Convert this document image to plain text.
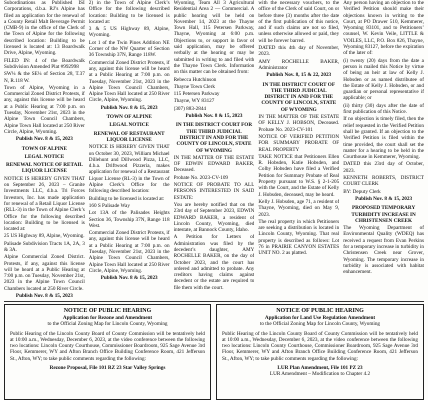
Subordinations as Published ISI Corporations, d.b.a. RJ’s Alpine has filed an application for the renewal of a County Retail Malt Beverage Permit (CMB-9) in the office of the Clerk of the Town of Alpine for the following described location: Building to be licensed is located at: 13 Boardwalk Drive, Alpine, Wyoming.

FILED IN: 4 of the Boardwalk Subdivision Amended Plat #992998

SW¼ & the SE¼ of Section 28, T.37 N, R.118 W.

Town of Alpine, Wyoming in a Commercial Zoned District Protests, if any, against this license will be heard at a Public Hearing at 7:00 p.m. on Tuesday, November 21st, 2023 in the Alpine Town Council Chambers, Alpine Town Hall located at 250 River Circle, Alpine, Wyoming.

Publish Nov. 8 & 15, 2023

TOWN OF ALPINE

LEGAL NOTICE

RENEWAL NOTICE OF RETAIL LIQUOR LICENSE

NOTICE IS HEREBY GIVEN THAT on September 26, 2023 – Granite Investments LLC, d.b.a. Tri Forces Investors, Inc. has made application for renewal of a Retail Liquor License (RLL-3) in the Town of Alpine Clerk’s Office for the following described location: Building to be licensed is located at:

25 US Highway 89, Alpine, Wyoming.

Palisade Subdivision Tracts 1A, 2A, 3 & 3A.

Alpine Commercial Zoned District. Protests, if any, against this license will be heard at a Public Hearing at 7:00 p.m. on Tuesday, November 21st, 2023 in the Alpine Town Council Chambers located at 250 River Circle.

Publish Nov. 8 & 15, 2023

2) in the Town of Alpine Clerk’s Office for the following described location: Building to be licensed is located at:

3 & 5 US Highway 89, Alpine, Wyoming.

Lot 1 of the Twin Pines Addition NE Corner of the NW Quarter of Section 36 Township 37N, Range 118W.

Commercial Zoned District Protests, if any, against this license will be heard at a Public Hearing at 7:00 p.m. on Tuesday, November 21st, 2023 in the Alpine Town Council Chambers, Alpine Town Hall located at 250 River Circle, Alpine, Wyoming.

Publish Nov. 8 & 15, 2023

TOWN OF ALPINE

LEGAL NOTICE

RENEWAL OF RESTAURANT LIQUOR LICENSE

NOTICE IS HEREBY GIVEN THAT on October 30, 2023, William Michael Dillehunt and Dillwood Pizza, LLC, d.b.a. Driftwood Pizzeria, makes application for renewal of a Restaurant Liquor License (RL-3) in the Town of Alpine Clerk’s Office for the following described location:

Building to be licensed is located at:

160 S Palisade Way

Lot 13A of the Palisades Heights Section 36, Township 37N, Range 118 West.

Commercial Zoned District Protests, if any, against this license will be heard at a Public Hearing at 7:00 p.m. on Tuesday, November 21st, 2023 in the Alpine Town Council Chambers, Alpine Town Hall located at 250 River Circle, Alpine, Wyoming.

Publish Nov. 8 & 15, 2023

Wyoming, Team All 3 Agricultural Residential Area 2 — Commercial. A public hearing will be held on November 14, 2023 at the Thayne Town Hall, 115 Petersen Parkway, Thayne, Wyoming at 6:00 p.m. Objections to, or support in favor of said application, may be offered verbally at the hearing or may be submitted in writing to and filed with the Thayne Town Clerk. Information on this matter can be obtained from:

Rebecca Hutchinson

Thayne Town Clerk

115 Petersen Parkway

Thayne, WY 83127

(307) 883-2844

Publish Nov. 8 & 15, 2023

IN THE DISTRICT COURT FOR THE THIRD JUDICIAL DISTRICT IN AND FOR THE COUNTY OF LINCOLN, STATE OF WYOMING

IN THE MATTER OF THE ESTATE OF EDWIN EDWARD BAKER, Deceased.

Probate No. 2023-CV-109

NOTICE OF PROBATE TO ALL PERSONS INTERESTED IN SAID ESTATE:

You are hereby notified that on the 23rd day of September 2023, EDWIN EDWARD BAKER, a resident of Lincoln County, Wyoming, died intestate, at Bannock County, Idaho.

A Petition for Letters of Administration was filed by the decedent’s daughter, AMY ROCHELLE BAKER, on the day of October 2023, and the court has ordered and admitted to probate. Any creditors having claims against decedent or the estate are required to file them with the court.

with the necessary vouchers, to the office of the Clerk of said Court, on or before three (3) months after the date of the first publication of this notice, and if such claims are not so filed, unless otherwise allowed or paid, they will be forever barred.

DATED this 4th day of November, 2023.

AMY ROCHELLE BAKER, Administrator

Publish Nov. 8, 15 & 22, 2023

IN THE DISTRICT COURT OF THE THIRD JUDICIAL DISTRICT IN AND FOR THE COUNTY OF LINCOLN, STATE OF WYOMING

IN THE MATTER OF THE ESTATE OF KELLY J. HOBSON, Deceased. Probate No. 2023-CV-101

NOTICE OF VERIFIED PETITION FOR SUMMARY PROBATE OF REAL PROPERTY

TAKE NOTICE that Petitioners Ellen R. Hobsden, Katie Hobsden, and Colby Hobsden have filed a Verified Petition for Summary Probate of Real Property pursuant to W.S. § 2-1-205 with the Court, and the Estate of Kelly J. Hobsden, deceased, may be heard.

Kelly J. Hobsden, age 71, a resident of Thayne, Wyoming, died on May 9, 2023.

The real property in which Petitioners are seeking a distribution is located in Lincoln County, Wyoming. That real property is described as follows: Lot 76 in PRAIRIE CANYON ESTATES UNIT NO. 2 as platted.

Any person having an objection to the Verified Petition should make their objections known in writing to the Court, at PO Drawer 510, Kemmerer, Wyoming 83101, and to Petitioners’ counsel, W. Kevin Veile, LITTLE & VOILES, LLC, P.O. Box 826, Thayne, Wyoming 83127, before the expiration of the later of:

(i) twenty (20) days from the date a person is mailed this Notice by virtue of being an heir at law of Kelly J. Hobsden or as named distributee of the Estate of Kelly J. Hobsden, or and guardian or personal representative if applicable; or

(ii) thirty (30) days after the date of first publication of this Notice.

If no objection is timely filed, then the relief requested in the Verified Petition shall be granted. If an objection to the Verified Petition is filed within the time provided, the court shall set the matter for a hearing to be held in the Courthouse in Kemmerer, Wyoming.

DATED this 23rd day of October, 2023.

KENNETH ROBERTS, DISTRICT COURT CLERK

BY: Deputy Clerk

Publish Nov. 8 & 15, 2023

PROPOSED TEMPORARY TURBIDITY INCREASE IN CHRISTENSEN CREEK

The Wyoming Department of Environmental Quality (WDEQ) has received a request from Evan Perkins for a temporary increase in turbidity in Christensen Creek near Grover, Wyoming. The temporary increase in turbidity is associated with habitat enhancement.

NOTICE OF PUBLIC HEARING
Application for Rezone and Amendment
to the Official Zoning Map for Lincoln County, Wyoming

Public Hearing of the Lincoln County Board of County Commission will be tentatively held at 10:00 a.m., Wednesday, December 6, 2023, at the video conference between the following two locations: Lincoln County Courthouse, Commissioner Boardroom, 925 Sage Avenue 3rd Floor, Kemmerer, WY and Afton Branch Office Building Conference Room, 421 Jefferson St., Afton, WY; to take public comments regarding the following:

Rezone Proposal, File 101 RZ 23 Star Valley Springs
NOTICE OF PUBLIC HEARING
Application for Land Use Regulation Amendment
to the Official Zoning Map for Lincoln County, Wyoming

Public Hearing of the Lincoln County Board of County Commission will be tentatively held at 10:00 a.m., Wednesday, December 6, 2023, at the video conference between the following two locations: Lincoln County Courthouse, Commissioner Boardroom, 925 Sage Avenue 3rd Floor, Kemmerer, WY and Afton Branch Office Building Conference Room, 421 Jefferson St., Afton, WY; to take public comments regarding the following:

LUR Plan Amendment, File 101 PZ 23
LUR Amendment – Modification to Chapter 4.2
